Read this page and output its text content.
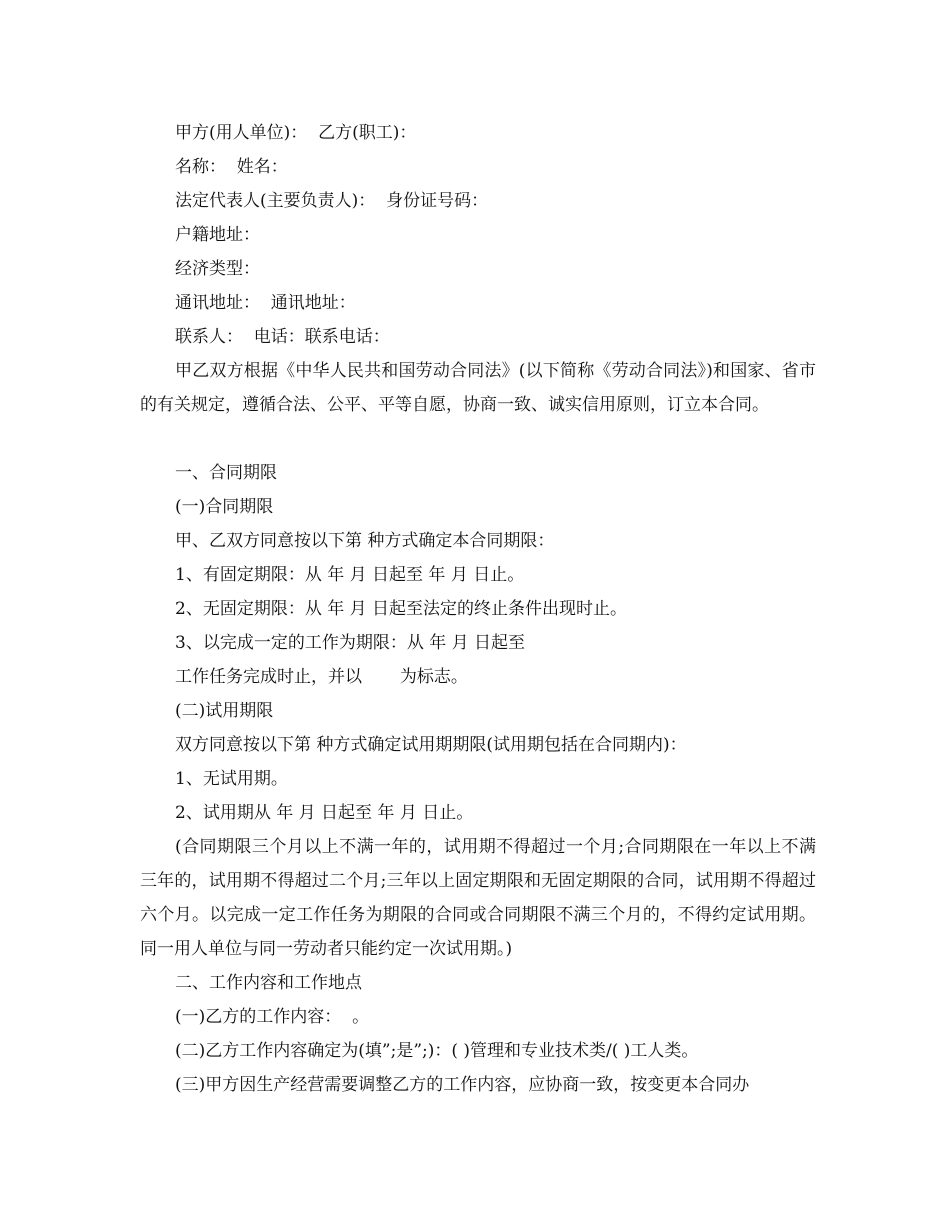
甲方(用人单位)：  乙方(职工)：
名称：  姓名：
法定代表人(主要负责人)：  身份证号码：
户籍地址：
经济类型：
通讯地址：  通讯地址：
联系人：  电话：联系电话：

甲乙双方根据《中华人民共和国劳动合同法》(以下简称《劳动合同法》)和国家、省市的有关规定，遵循合法、公平、平等自愿，协商一致、诚实信用原则，订立本合同。

一、合同期限
(一)合同期限
甲、乙双方同意按以下第 种方式确定本合同期限：
1、有固定期限：从 年 月 日起至 年 月 日止。
2、无固定期限：从 年 月 日起至法定的终止条件出现时止。
3、以完成一定的工作为期限：从 年 月 日起至
工作任务完成时止，并以       为标志。
(二)试用期限
双方同意按以下第 种方式确定试用期期限(试用期包括在合同期内)：
1、无试用期。
2、试用期从 年 月 日起至 年 月 日止。

(合同期限三个月以上不满一年的，试用期不得超过一个月;合同期限在一年以上不满三年的，试用期不得超过二个月;三年以上固定期限和无固定期限的合同，试用期不得超过六个月。以完成一定工作任务为期限的合同或合同期限不满三个月的，不得约定试用期。同一用人单位与同一劳动者只能约定一次试用期。)

二、工作内容和工作地点
(一)乙方的工作内容：  。
(二)乙方工作内容确定为(填”;是”;)：( )管理和专业技术类/( )工人类。
(三)甲方因生产经营需要调整乙方的工作内容，应协商一致，按变更本合同办
